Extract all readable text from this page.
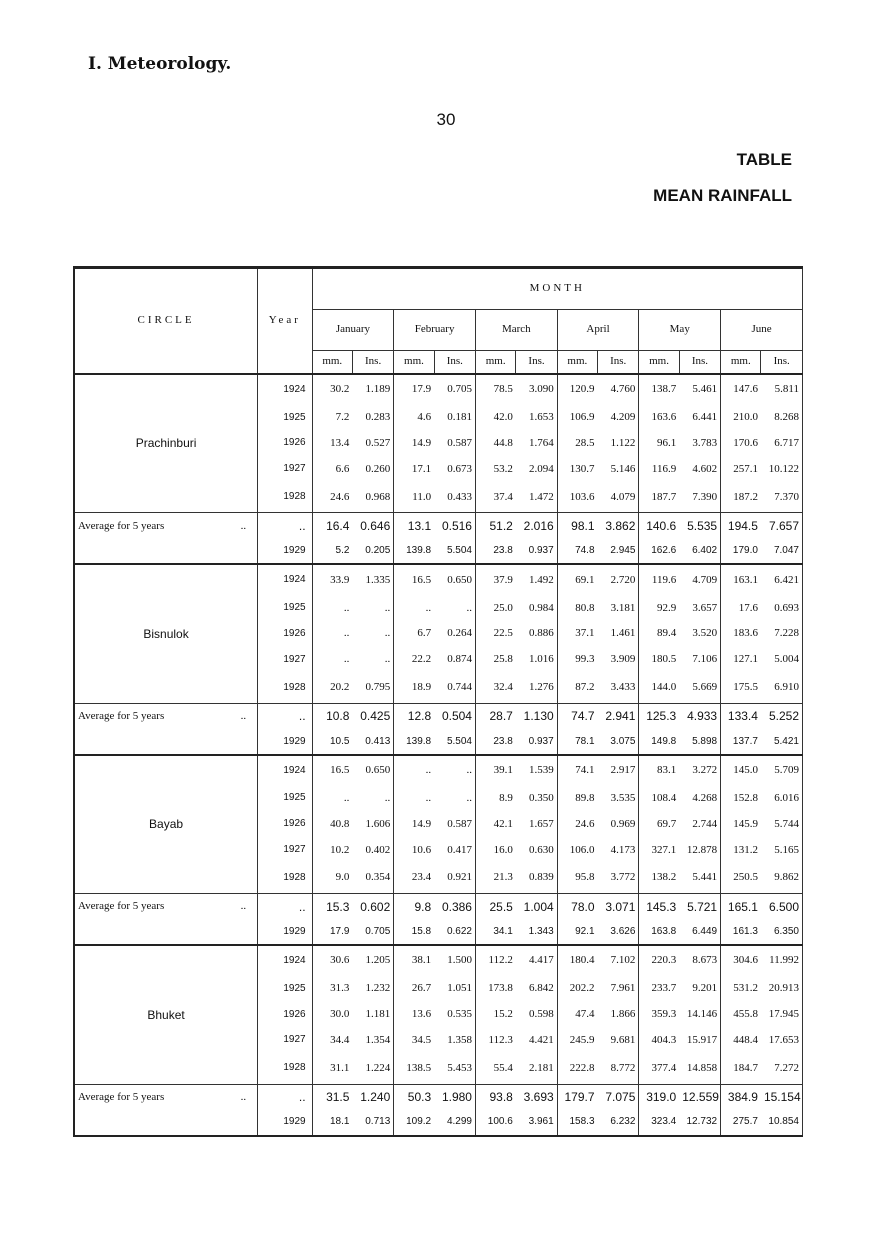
I. Meteorology.
30
TABLE
MEAN RAINFALL
CIRCLE	Year	MONTH											
		January		February		March		April		May		June	
		mm.	Ins.	mm.	Ins.	mm.	Ins.	mm.	Ins.	mm.	Ins.	mm.	Ins.
Prachinburi	1924	30.2	1.189	17.9	0.705	78.5	3.090	120.9	4.760	138.7	5.461	147.6	5.811
	1925	7.2	0.283	4.6	0.181	42.0	1.653	106.9	4.209	163.6	6.441	210.0	8.268
	1926	13.4	0.527	14.9	0.587	44.8	1.764	28.5	1.122	96.1	3.783	170.6	6.717
	1927	6.6	0.260	17.1	0.673	53.2	2.094	130.7	5.146	116.9	4.602	257.1	10.122
	1928	24.6	0.968	11.0	0.433	37.4	1.472	103.6	4.079	187.7	7.390	187.2	7.370
Average for 5 years ..	..	16.4	0.646	13.1	0.516	51.2	2.016	98.1	3.862	140.6	5.535	194.5	7.657
	1929	5.2	0.205	139.8	5.504	23.8	0.937	74.8	2.945	162.6	6.402	179.0	7.047
Bisnulok	1924	33.9	1.335	16.5	0.650	37.9	1.492	69.1	2.720	119.6	4.709	163.1	6.421
	1925	..	..	..	..	25.0	0.984	80.8	3.181	92.9	3.657	17.6	0.693
	1926	..	..	6.7	0.264	22.5	0.886	37.1	1.461	89.4	3.520	183.6	7.228
	1927	..	..	22.2	0.874	25.8	1.016	99.3	3.909	180.5	7.106	127.1	5.004
	1928	20.2	0.795	18.9	0.744	32.4	1.276	87.2	3.433	144.0	5.669	175.5	6.910
Average for 5 years ..	..	10.8	0.425	12.8	0.504	28.7	1.130	74.7	2.941	125.3	4.933	133.4	5.252
	1929	10.5	0.413	139.8	5.504	23.8	0.937	78.1	3.075	149.8	5.898	137.7	5.421
Bayab	1924	16.5	0.650	..	..	39.1	1.539	74.1	2.917	83.1	3.272	145.0	5.709
	1925	..	..	..	..	8.9	0.350	89.8	3.535	108.4	4.268	152.8	6.016
	1926	40.8	1.606	14.9	0.587	42.1	1.657	24.6	0.969	69.7	2.744	145.9	5.744
	1927	10.2	0.402	10.6	0.417	16.0	0.630	106.0	4.173	327.1	12.878	131.2	5.165
	1928	9.0	0.354	23.4	0.921	21.3	0.839	95.8	3.772	138.2	5.441	250.5	9.862
Average for 5 years ..	..	15.3	0.602	9.8	0.386	25.5	1.004	78.0	3.071	145.3	5.721	165.1	6.500
	1929	17.9	0.705	15.8	0.622	34.1	1.343	92.1	3.626	163.8	6.449	161.3	6.350
Bhuket	1924	30.6	1.205	38.1	1.500	112.2	4.417	180.4	7.102	220.3	8.673	304.6	11.992
	1925	31.3	1.232	26.7	1.051	173.8	6.842	202.2	7.961	233.7	9.201	531.2	20.913
	1926	30.0	1.181	13.6	0.535	15.2	0.598	47.4	1.866	359.3	14.146	455.8	17.945
	1927	34.4	1.354	34.5	1.358	112.3	4.421	245.9	9.681	404.3	15.917	448.4	17.653
	1928	31.1	1.224	138.5	5.453	55.4	2.181	222.8	8.772	377.4	14.858	184.7	7.272
Average for 5 years ..	..	31.5	1.240	50.3	1.980	93.8	3.693	179.7	7.075	319.0	12.559	384.9	15.154
	1929	18.1	0.713	109.2	4.299	100.6	3.961	158.3	6.232	323.4	12.732	275.7	10.854
